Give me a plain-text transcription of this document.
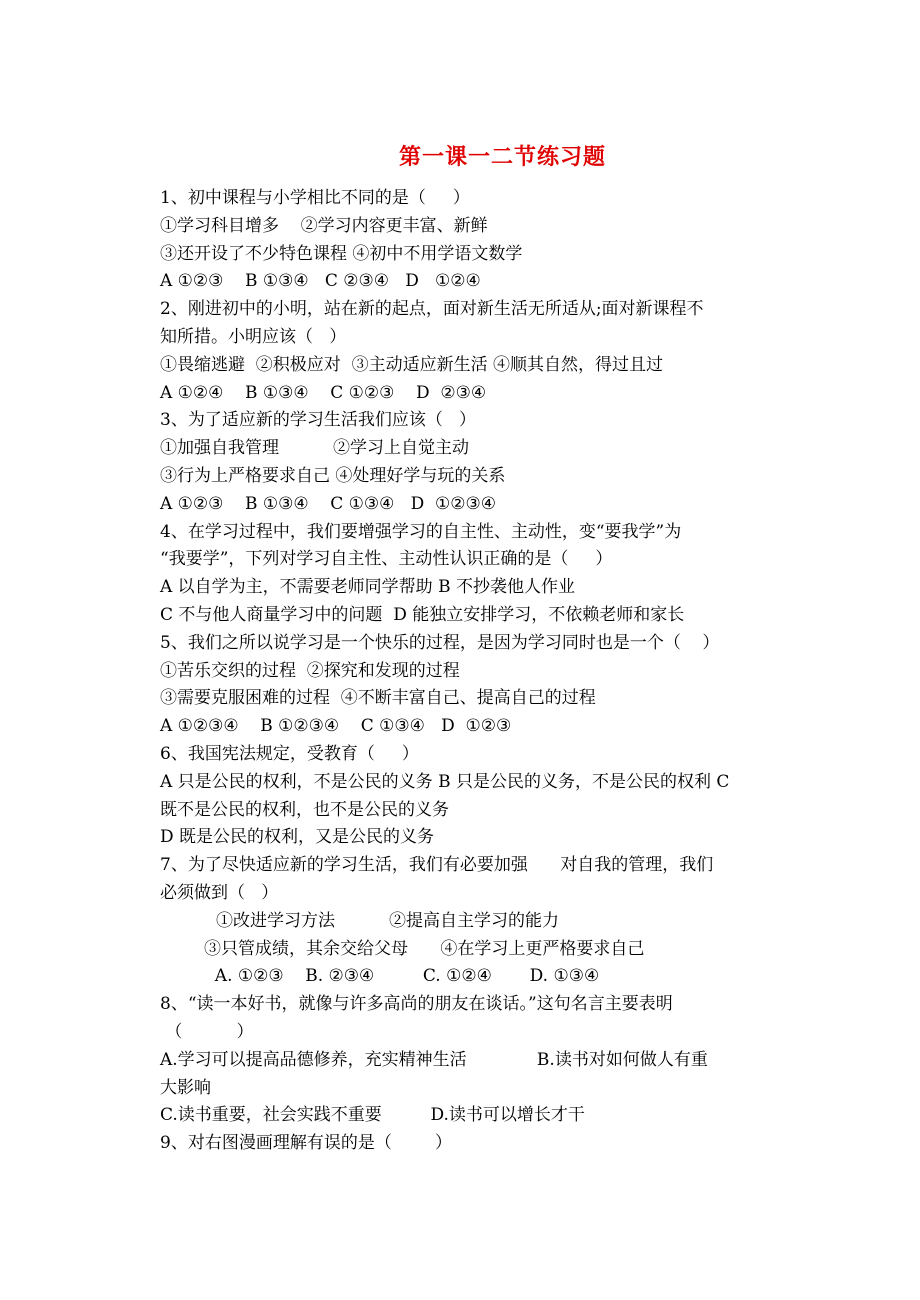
第一课一二节练习题
1、初中课程与小学相比不同的是（     ）
①学习科目增多    ②学习内容更丰富、新鲜
③还开设了不少特色课程 ④初中不用学语文数学
A ①②③    B ①③④   C ②③④   D   ①②④
2、刚进初中的小明，站在新的起点，面对新生活无所适从;面对新课程不
知所措。小明应该（   ）
①畏缩逃避  ②积极应对  ③主动适应新生活 ④顺其自然，得过且过
A ①②④    B ①③④    C ①②③    D  ②③④
3、为了适应新的学习生活我们应该（   ）
①加强自我管理          ②学习上自觉主动
③行为上严格要求自己 ④处理好学与玩的关系
A ①②③    B ①③④    C ①③④   D  ①②③④
4、在学习过程中，我们要增强学习的自主性、主动性，变“要我学”为
“我要学”，下列对学习自主性、主动性认识正确的是（     ）
A 以自学为主，不需要老师同学帮助 B 不抄袭他人作业
C 不与他人商量学习中的问题  D 能独立安排学习，不依赖老师和家长
5、我们之所以说学习是一个快乐的过程，是因为学习同时也是一个（    ）
①苦乐交织的过程  ②探究和发现的过程
③需要克服困难的过程  ④不断丰富自己、提高自己的过程
A ①②③④    B ①②③④    C ①③④   D  ①②③
6、我国宪法规定，受教育（     ）
A 只是公民的权利，不是公民的义务 B 只是公民的义务，不是公民的权利 C
既不是公民的权利，也不是公民的义务
D 既是公民的权利，又是公民的义务
7、为了尽快适应新的学习生活，我们有必要加强      对自我的管理，我们
必须做到（   ）
①改进学习方法          ②提高自主学习的能力
③只管成绩，其余交给父母      ④在学习上更严格要求自己
A. ①②③    B. ②③④         C. ①②④       D. ①③④
8、“读一本好书，就像与许多高尚的朋友在谈话。”这句名言主要表明
（          ）
A.学习可以提高品德修养，充实精神生活             B.读书对如何做人有重
大影响
C.读书重要，社会实践不重要         D.读书可以增长才干
9、对右图漫画理解有误的是（        ）
